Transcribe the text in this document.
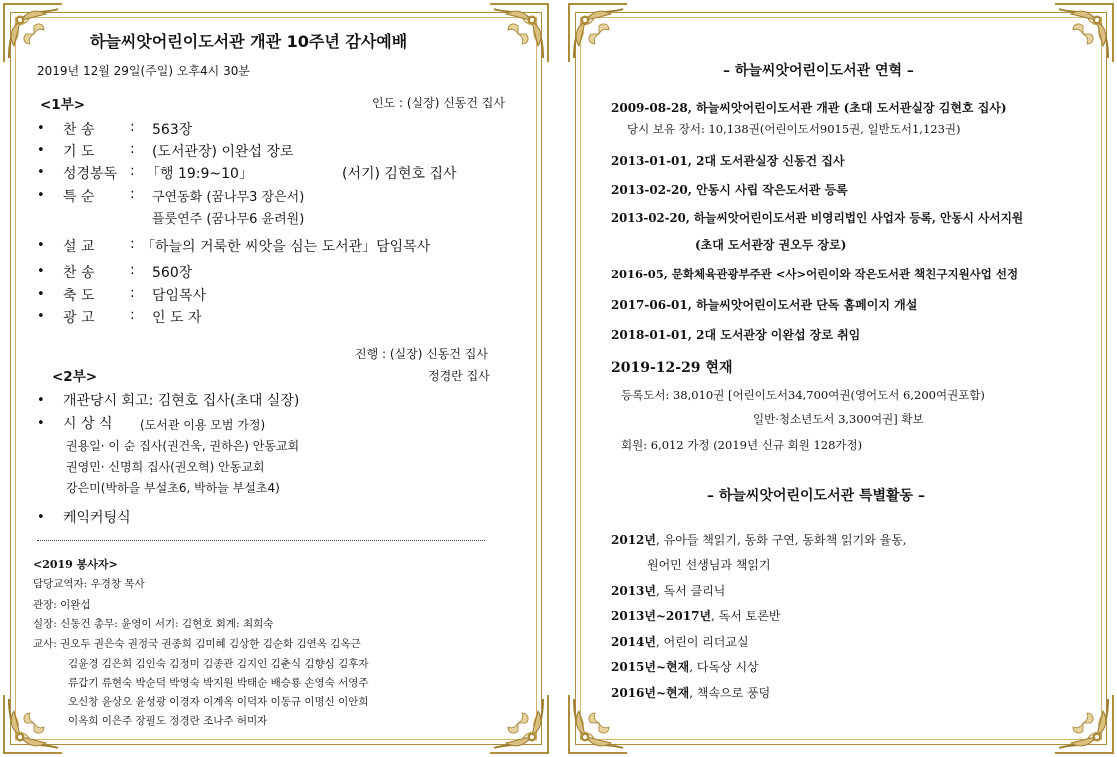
하늘씨앗어린이도서관 개관 10주년 감사예배
2019년 12월 29일(주일) 오후4시 30분
<1부>	인도 : (실장) 신동건 집사
• 찬 송	: 563장
• 기 도	: (도서관장) 이완섭 장로
• 성경봉독 : 「행 19:9~10」	(서기) 김현호 집사
• 특 순	: 구연동화 (꿈나무3 장은서)
플룻연주 (꿈나무6 윤려원)
• 설 교	: 「하늘의 거룩한 씨앗을 심는 도서관」담임목사
• 찬 송	: 560장
• 축 도	: 담임목사
• 광 고	: 인 도 자
진행 : (실장) 신동건 집사
<2부>	정경란 집사
• 개관당시 회고: 김현호 집사(초대 실장)
• 시 상 식 (도서관 이용 모범 가정)
권용일· 이 순 집사(권건욱, 권하은) 안동교회
권영민· 신명희 집사(권오혁) 안동교회
강은미(박하을 부설초6, 박하늘 부설초4)
• 케익커팅식
<2019 봉사자>
담당교역자: 우경창 목사
관장: 이완섭
실장: 신동건 총무: 윤영이 서기: 김현호 회계: 최희숙
교사: 권오두 권은숙 권정국 권종희 김미혜 김상한 김순화 김연옥 김옥근
김윤경 김은희 김인숙 김정미 김종관 김지인 김춘식 김향심 김후자
류갑기 류현숙 박순덕 박영숙 박지원 박태순 배승룡 손영숙 서영주
오신창 윤상오 윤성광 이경자 이계옥 이덕자 이동규 이명신 이안희
이옥희 이은주 장필도 정경란 조나주 허미자
– 하늘씨앗어린이도서관 연혁 –
2009-08-28, 하늘씨앗어린이도서관 개관 (초대 도서관실장 김현호 집사)
당시 보유 장서: 10,138권(어린이도서9015권, 일반도서1,123권)
2013-01-01, 2대 도서관실장 신동건 집사
2013-02-20, 안동시 사립 작은도서관 등록
2013-02-20, 하늘씨앗어린이도서관 비영리법인 사업자 등록, 안동시 사서지원
(초대 도서관장 권오두 장로)
2016-05, 문화체육관광부주관 <사>어린이와 작은도서관 책친구지원사업 선정
2017-06-01, 하늘씨앗어린이도서관 단독 홈페이지 개설
2018-01-01, 2대 도서관장 이완섭 장로 취임
2019-12-29 현재
등록도서: 38,010권 [어린이도서34,700여권(영어도서 6,200여권포함)
일반·청소년도서 3,300여권] 확보
회원: 6,012 가정 (2019년 신규 회원 128가정)
– 하늘씨앗어린이도서관 특별활동 –
2012년, 유아들 책읽기, 동화 구연, 동화책 읽기와 율동,
원어민 선생님과 책읽기
2013년, 독서 클리닉
2013년~2017년, 독서 토론반
2014년, 어린이 리더교실
2015년~현재, 다독상 시상
2016년~현재, 책속으로 풍덩
